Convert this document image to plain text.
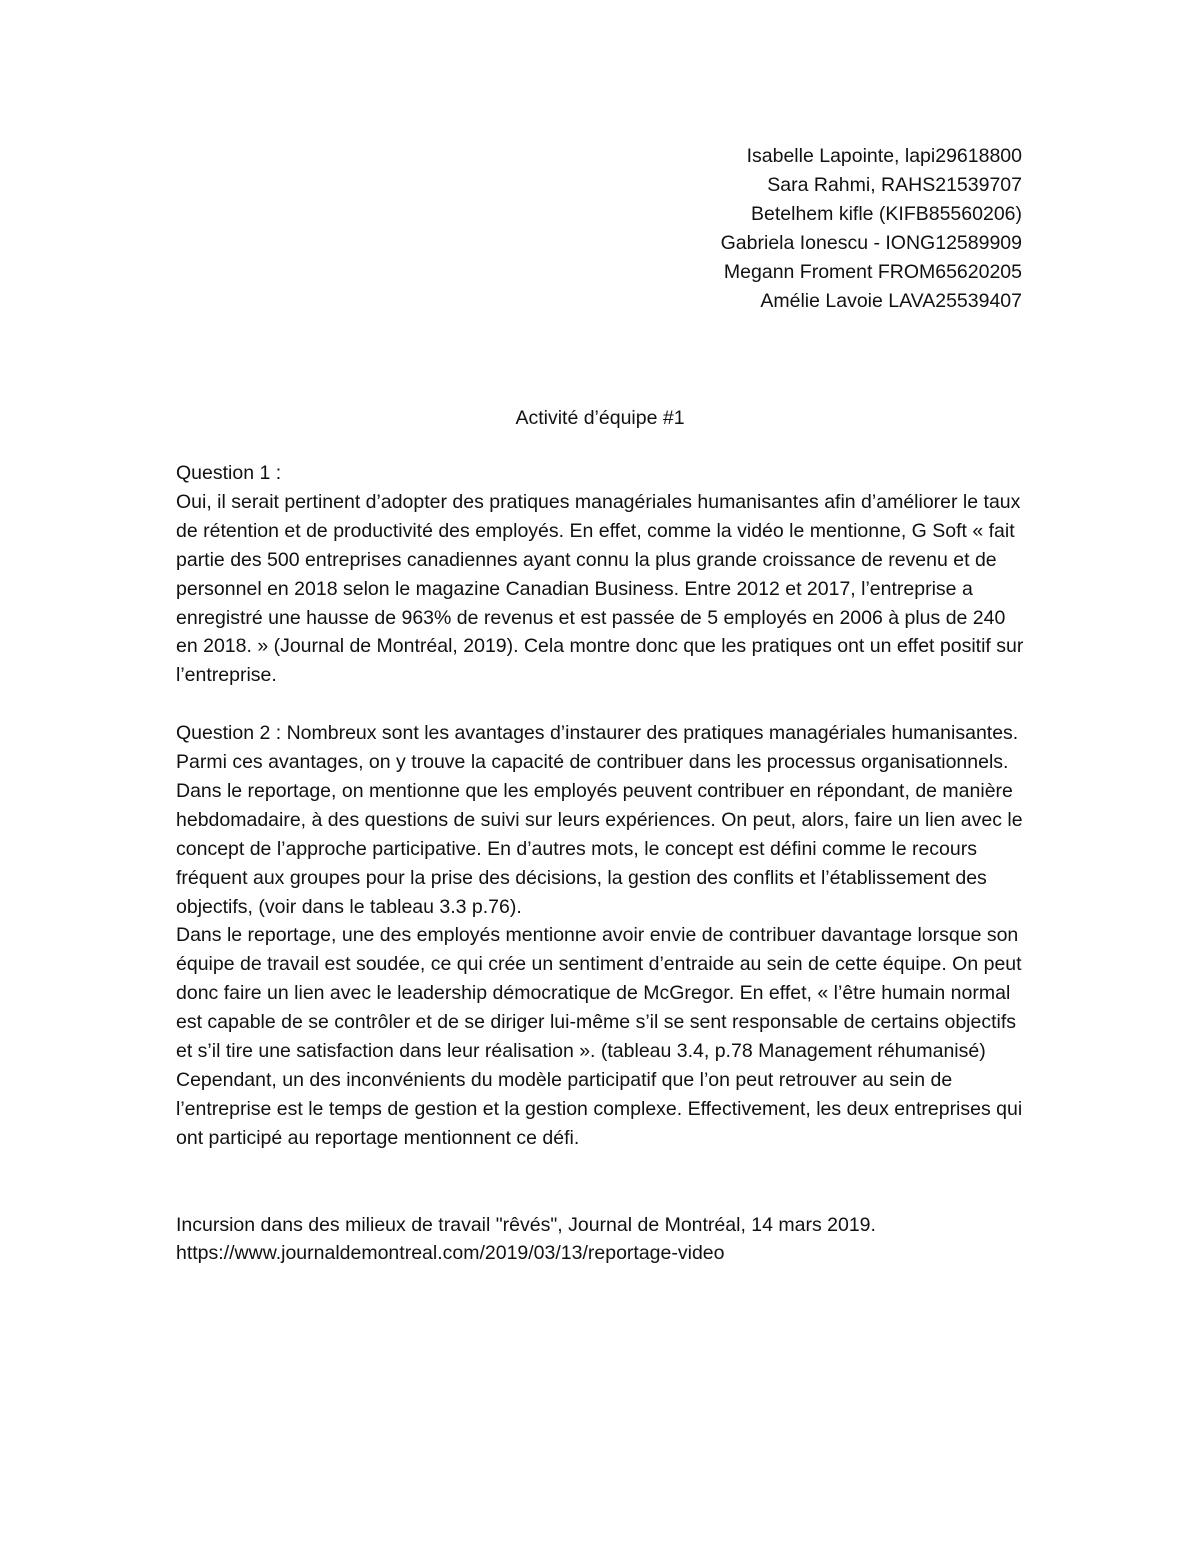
Isabelle Lapointe, lapi29618800
Sara Rahmi, RAHS21539707
Betelhem kifle (KIFB85560206)
Gabriela Ionescu - IONG12589909
Megann Froment FROM65620205
Amélie Lavoie LAVA25539407
Activité d’équipe #1

Question 1 :

Oui, il serait pertinent d’adopter des pratiques managériales humanisantes afin d’améliorer le taux de rétention et de productivité des employés. En effet, comme la vidéo le mentionne, G Soft « fait partie des 500 entreprises canadiennes ayant connu la plus grande croissance de revenu et de personnel en 2018 selon le magazine Canadian Business. Entre 2012 et 2017, l’entreprise a enregistré une hausse de 963% de revenus et est passée de 5 employés en 2006 à plus de 240 en 2018. » (Journal de Montréal, 2019). Cela montre donc que les pratiques ont un effet positif sur l’entreprise.

Question 2 : Nombreux sont les avantages d’instaurer des pratiques managériales humanisantes. Parmi ces avantages, on y trouve la capacité de contribuer dans les processus organisationnels. Dans le reportage, on mentionne que les employés peuvent contribuer en répondant, de manière hebdomadaire, à des questions de suivi sur leurs expériences. On peut, alors, faire un lien avec le concept de l’approche participative. En d’autres mots, le concept est défini comme le recours fréquent aux groupes pour la prise des décisions, la gestion des conflits et l’établissement des objectifs, (voir dans le tableau 3.3 p.76).

Dans le reportage, une des employés mentionne avoir envie de contribuer davantage lorsque son équipe de travail est soudée, ce qui crée un sentiment d’entraide au sein de cette équipe. On peut donc faire un lien avec le leadership démocratique de McGregor. En effet, « l’être humain normal est capable de se contrôler et de se diriger lui-même s’il se sent responsable de certains objectifs et s’il tire une satisfaction dans leur réalisation ». (tableau 3.4, p.78 Management réhumanisé)

Cependant, un des inconvénients du modèle participatif que l’on peut retrouver au sein de l’entreprise est le temps de gestion et la gestion complexe. Effectivement, les deux entreprises qui ont participé au reportage mentionnent ce défi.

Incursion dans des milieux de travail "rêvés", Journal de Montréal, 14 mars 2019.

https://www.journaldemontreal.com/2019/03/13/reportage-video
